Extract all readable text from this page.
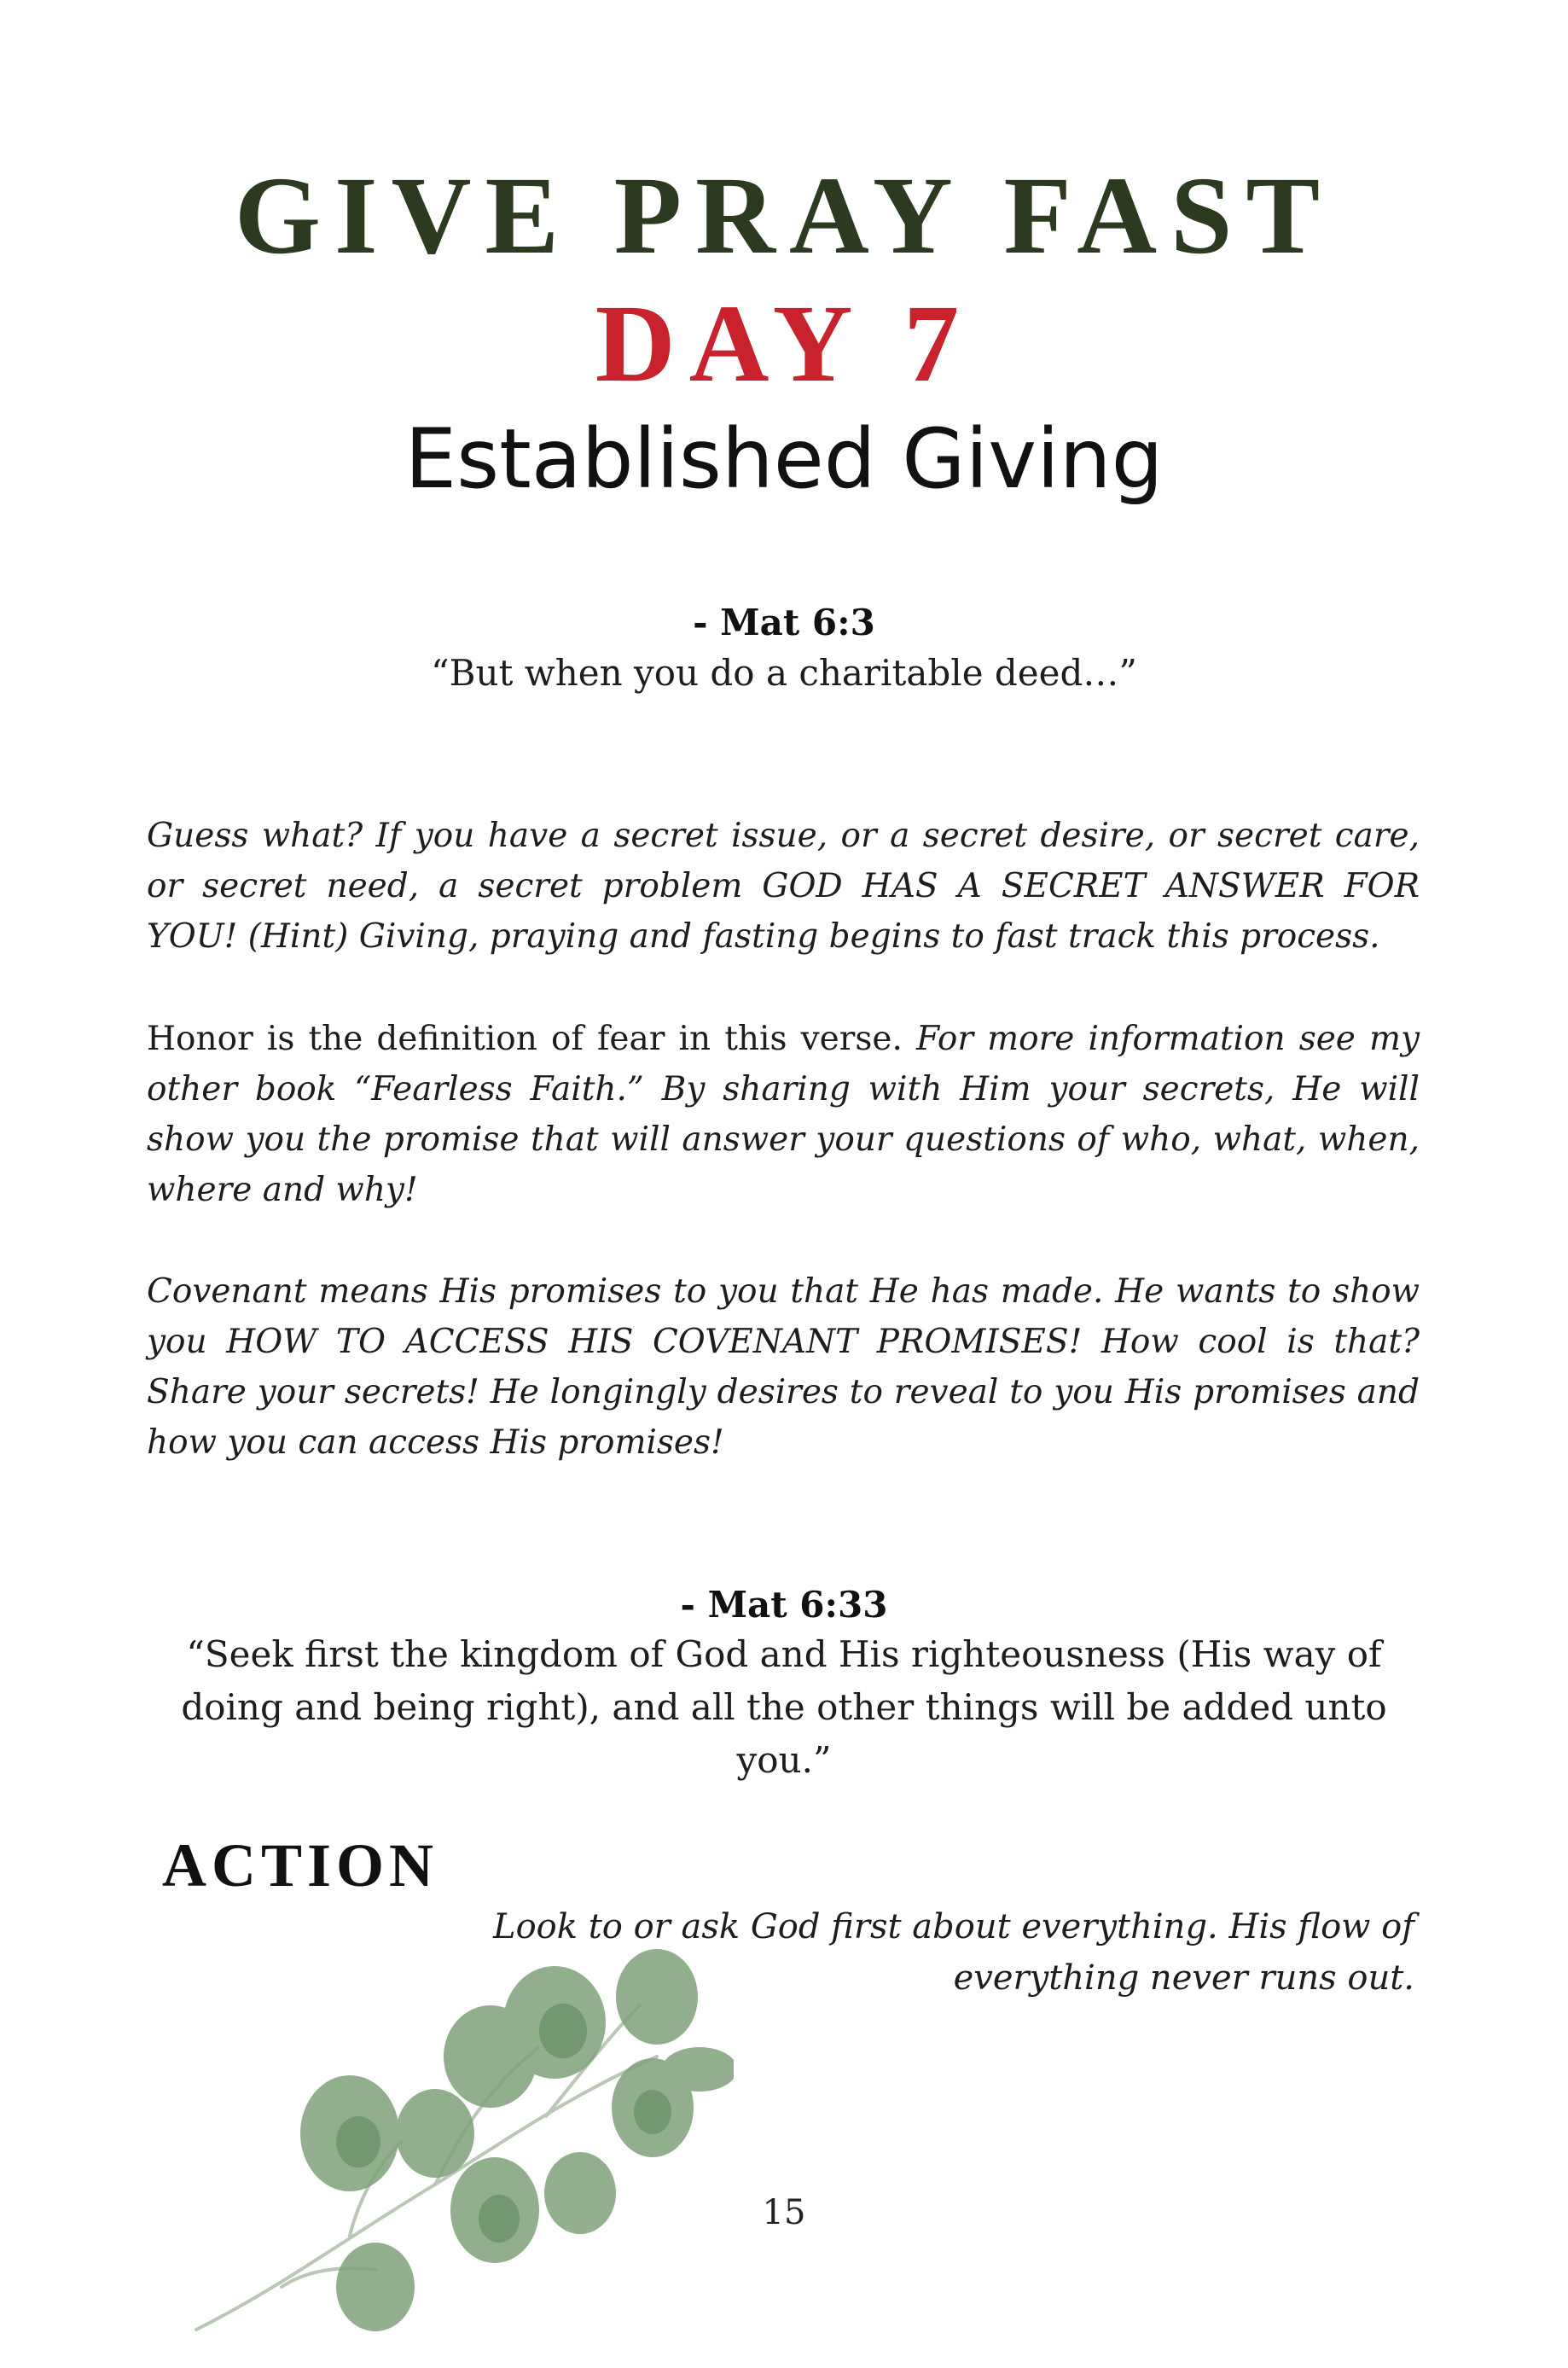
GIVE PRAY FAST
DAY 7
Established Giving
- Mat 6:3
“But when you do a charitable deed…”

Guess what? If you have a secret issue, or a secret desire, or secret care, or secret need, a secret problem GOD HAS A SECRET ANSWER FOR YOU! (Hint) Giving, praying and fasting begins to fast track this process.

Honor is the definition of fear in this verse. For more information see my other book “Fearless Faith.” By sharing with Him your secrets, He will show you the promise that will answer your questions of who, what, when, where and why!

Covenant means His promises to you that He has made. He wants to show you HOW TO ACCESS HIS COVENANT PROMISES! How cool is that? Share your secrets! He longingly desires to reveal to you His promises and how you can access His promises!

- Mat 6:33
“Seek first the kingdom of God and His righteousness (His way of doing and being right), and all the other things will be added unto you.”
ACTION
Look to or ask God first about everything. His flow of everything never runs out.
15
